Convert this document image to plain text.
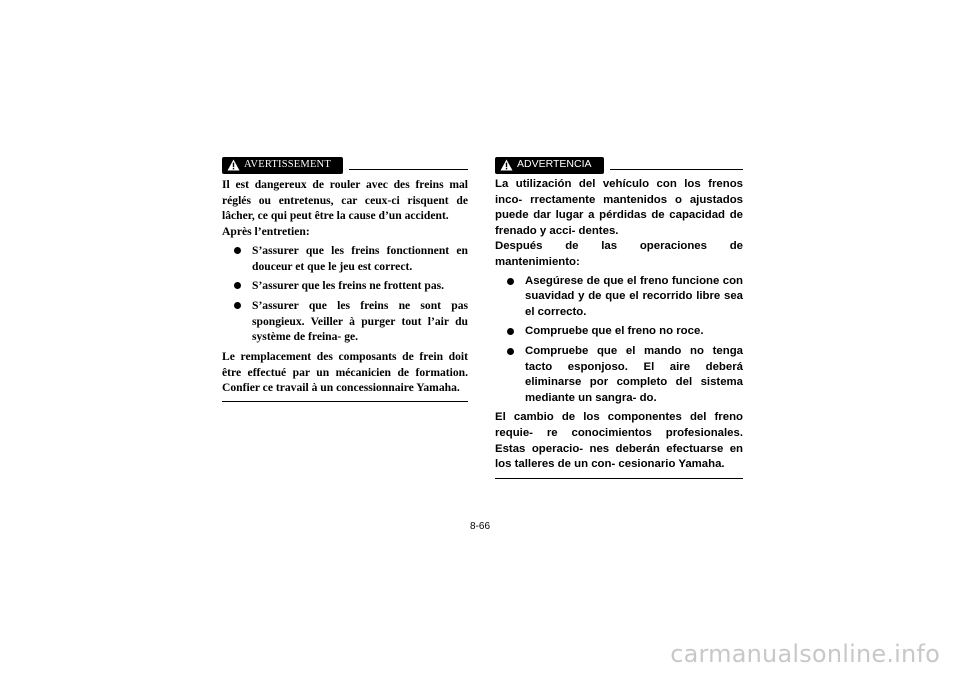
AVERTISSEMENT

Il est dangereux de rouler avec des freins mal réglés ou entretenus, car ceux-ci risquent de lâcher, ce qui peut être la cause d’un accident.

Après l’entretien:

S’assurer que les freins fonctionnent en douceur et que le jeu est correct.
S’assurer que les freins ne frottent pas.
S’assurer que les freins ne sont pas spongieux. Veiller à purger tout l’air du système de freina- ge.

Le remplacement des composants de frein doit être effectué par un mécanicien de formation. Confier ce travail à un concessionnaire Yamaha.

ADVERTENCIA

La utilización del vehículo con los frenos inco- rrectamente mantenidos o ajustados puede dar lugar a pérdidas de capacidad de frenado y acci- dentes.

Después de las operaciones de mantenimiento:

Asegúrese de que el freno funcione con suavidad y de que el recorrido libre sea el correcto.
Compruebe que el freno no roce.
Compruebe que el mando no tenga tacto esponjoso. El aire deberá eliminarse por completo del sistema mediante un sangra- do.

El cambio de los componentes del freno requie- re conocimientos profesionales. Estas operacio- nes deberán efectuarse en los talleres de un con- cesionario Yamaha.

8-66
carmanualsonline.info
